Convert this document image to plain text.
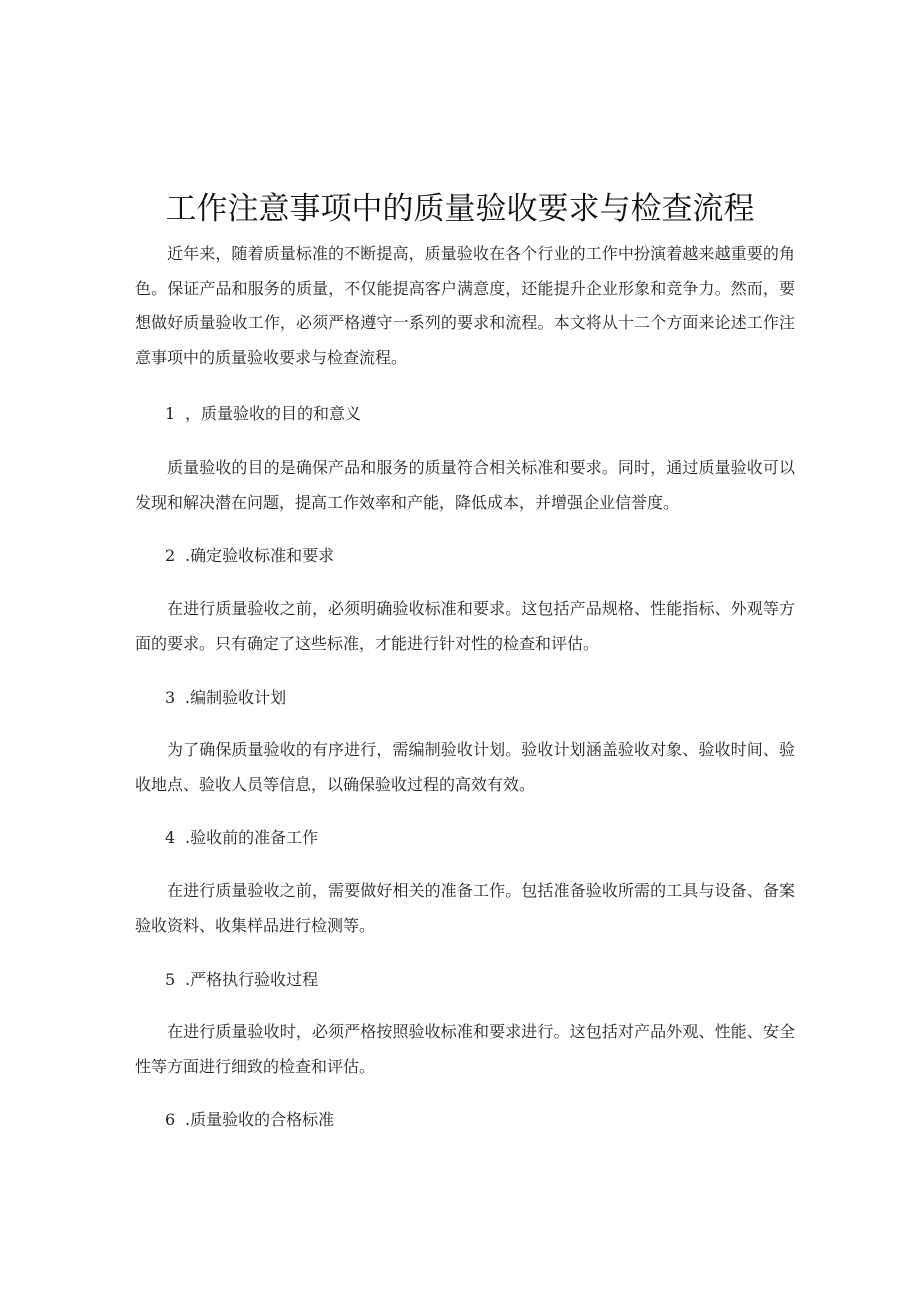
工作注意事项中的质量验收要求与检查流程

近年来，随着质量标准的不断提高，质量验收在各个行业的工作中扮演着越来越重要的角色。保证产品和服务的质量，不仅能提高客户满意度，还能提升企业形象和竞争力。然而，要想做好质量验收工作，必须严格遵守一系列的要求和流程。本文将从十二个方面来论述工作注意事项中的质量验收要求与检查流程。

1 ，质量验收的目的和意义

质量验收的目的是确保产品和服务的质量符合相关标准和要求。同时，通过质量验收可以发现和解决潜在问题，提高工作效率和产能，降低成本，并增强企业信誉度。

2 .确定验收标准和要求

在进行质量验收之前，必须明确验收标准和要求。这包括产品规格、性能指标、外观等方面的要求。只有确定了这些标准，才能进行针对性的检查和评估。

3 .编制验收计划

为了确保质量验收的有序进行，需编制验收计划。验收计划涵盖验收对象、验收时间、验收地点、验收人员等信息，以确保验收过程的高效有效。

4 .验收前的准备工作

在进行质量验收之前，需要做好相关的准备工作。包括准备验收所需的工具与设备、备案验收资料、收集样品进行检测等。

5 .严格执行验收过程

在进行质量验收时，必须严格按照验收标准和要求进行。这包括对产品外观、性能、安全性等方面进行细致的检查和评估。

6 .质量验收的合格标准
